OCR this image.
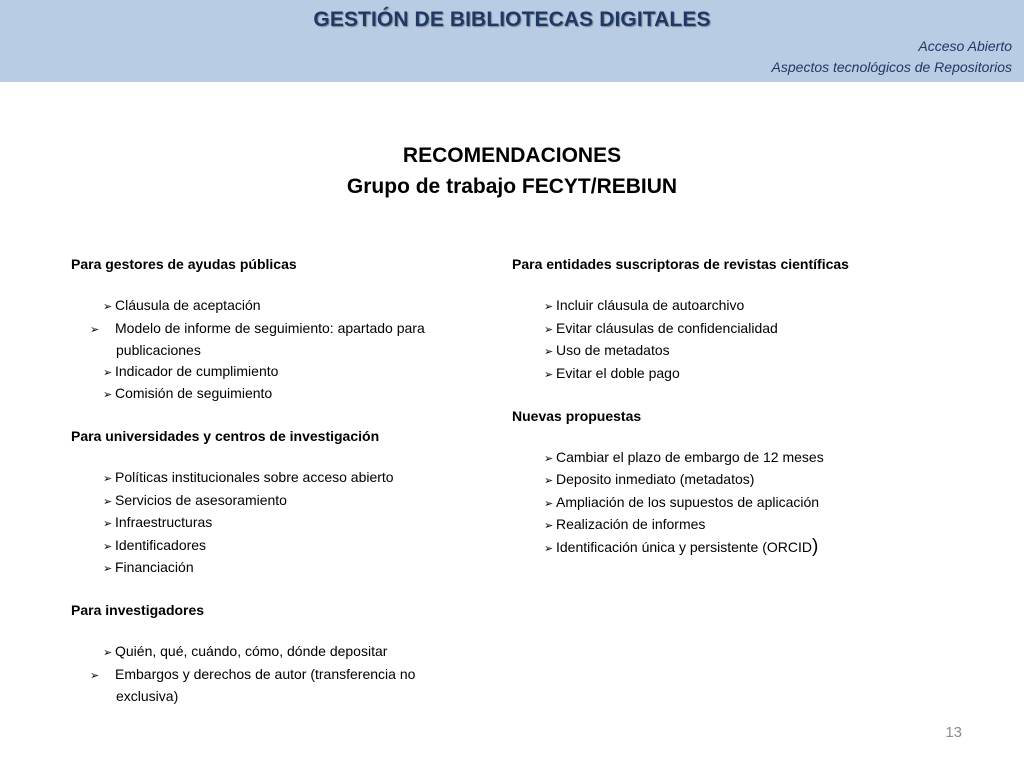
GESTIÓN DE BIBLIOTECAS DIGITALES
Acceso Abierto
Aspectos tecnológicos de Repositorios
RECOMENDACIONES
Grupo de trabajo FECYT/REBIUN
Para gestores de ayudas públicas
➢ Cláusula de aceptación
➢ Modelo de informe de seguimiento: apartado para publicaciones
➢ Indicador de cumplimiento
➢ Comisión de seguimiento
Para universidades y centros de investigación
➢ Políticas institucionales sobre acceso abierto
➢ Servicios de asesoramiento
➢ Infraestructuras
➢ Identificadores
➢ Financiación
Para investigadores
➢ Quién, qué, cuándo, cómo, dónde depositar
➢ Embargos y derechos de autor (transferencia no exclusiva)
Para entidades suscriptoras de revistas científicas
➢ Incluir cláusula de autoarchivo
➢ Evitar cláusulas de confidencialidad
➢ Uso de metadatos
➢ Evitar el doble pago
Nuevas propuestas
➢ Cambiar el plazo de embargo de 12 meses
➢ Deposito inmediato (metadatos)
➢ Ampliación de los supuestos de aplicación
➢ Realización de informes
➢ Identificación única y persistente (ORCID)
13
